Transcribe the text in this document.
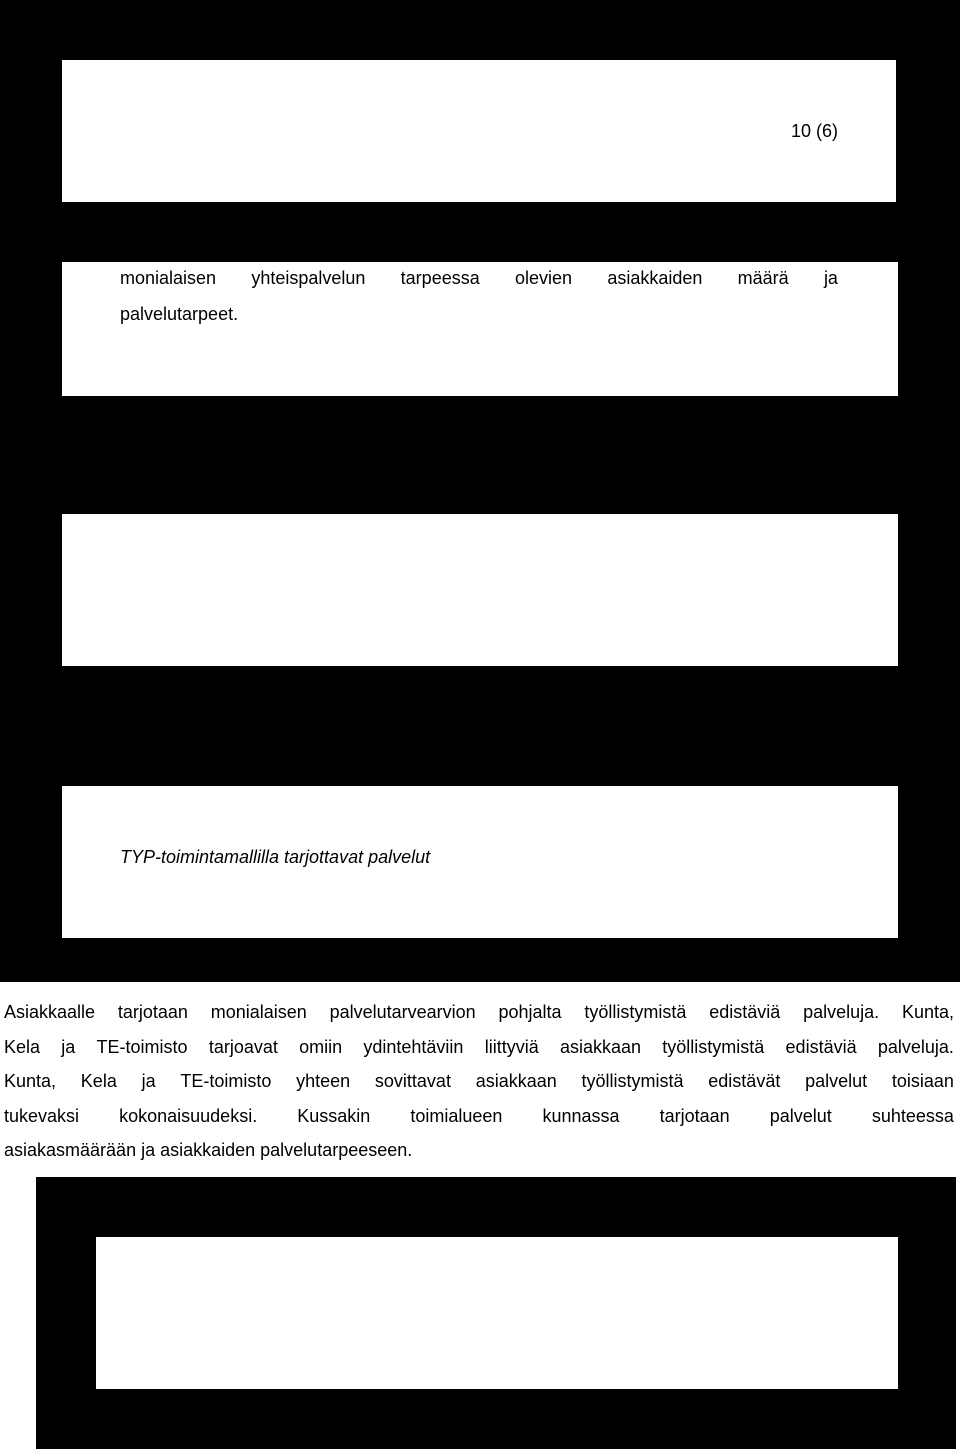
10 (6)
monialaisen yhteispalvelun tarpeessa olevien asiakkaiden määrä ja
palvelutarpeet.
TYP-toimintamallilla tarjottavat palvelut
Asiakkaalle tarjotaan monialaisen palvelutarvearvion pohjalta työllistymistä edistäviä palveluja. Kunta,
Kela ja TE-toimisto tarjoavat omiin ydintehtäviin liittyviä asiakkaan työllistymistä edistäviä palveluja.
Kunta, Kela ja TE-toimisto yhteen sovittavat asiakkaan työllistymistä edistävät palvelut toisiaan
tukevaksi kokonaisuudeksi. Kussakin toimialueen kunnassa tarjotaan palvelut suhteessa
asiakasmäärään ja asiakkaiden palvelutarpeeseen.
